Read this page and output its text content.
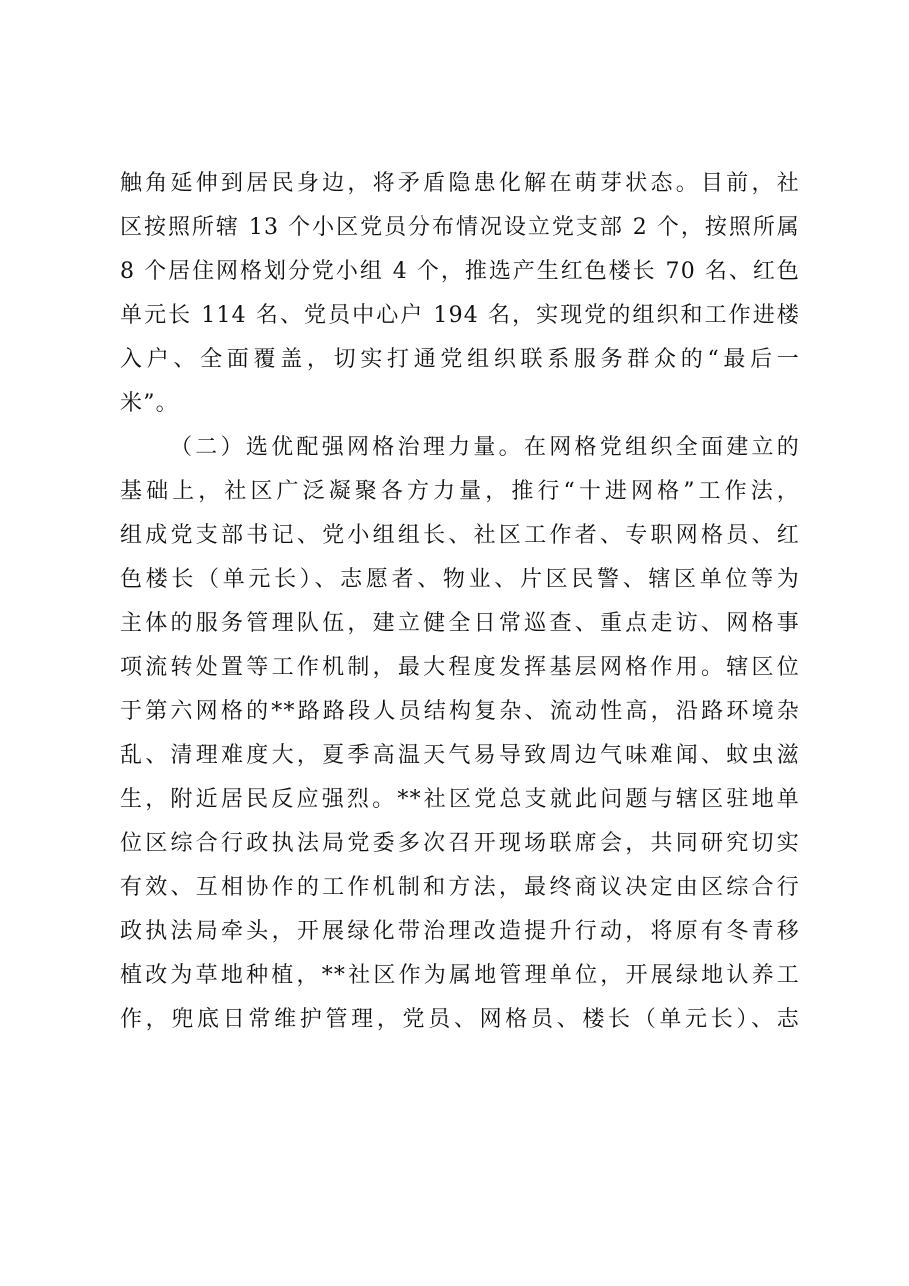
触角延伸到居民身边，将矛盾隐患化解在萌芽状态。目前，社
区按照所辖 13 个小区党员分布情况设立党支部 2 个，按照所属
8 个居住网格划分党小组 4 个，推选产生红色楼长 70 名、红色
单元长 114 名、党员中心户 194 名，实现党的组织和工作进楼
入户、全面覆盖，切实打通党组织联系服务群众的“最后一
米”。
（二）选优配强网格治理力量。在网格党组织全面建立的
基础上，社区广泛凝聚各方力量，推行“十进网格”工作法，
组成党支部书记、党小组组长、社区工作者、专职网格员、红
色楼长（单元长）、志愿者、物业、片区民警、辖区单位等为
主体的服务管理队伍，建立健全日常巡查、重点走访、网格事
项流转处置等工作机制，最大程度发挥基层网格作用。辖区位
于第六网格的**路路段人员结构复杂、流动性高，沿路环境杂
乱、清理难度大，夏季高温天气易导致周边气味难闻、蚊虫滋
生，附近居民反应强烈。**社区党总支就此问题与辖区驻地单
位区综合行政执法局党委多次召开现场联席会，共同研究切实
有效、互相协作的工作机制和方法，最终商议决定由区综合行
政执法局牵头，开展绿化带治理改造提升行动，将原有冬青移
植改为草地种植，**社区作为属地管理单位，开展绿地认养工
作，兜底日常维护管理，党员、网格员、楼长（单元长）、志
